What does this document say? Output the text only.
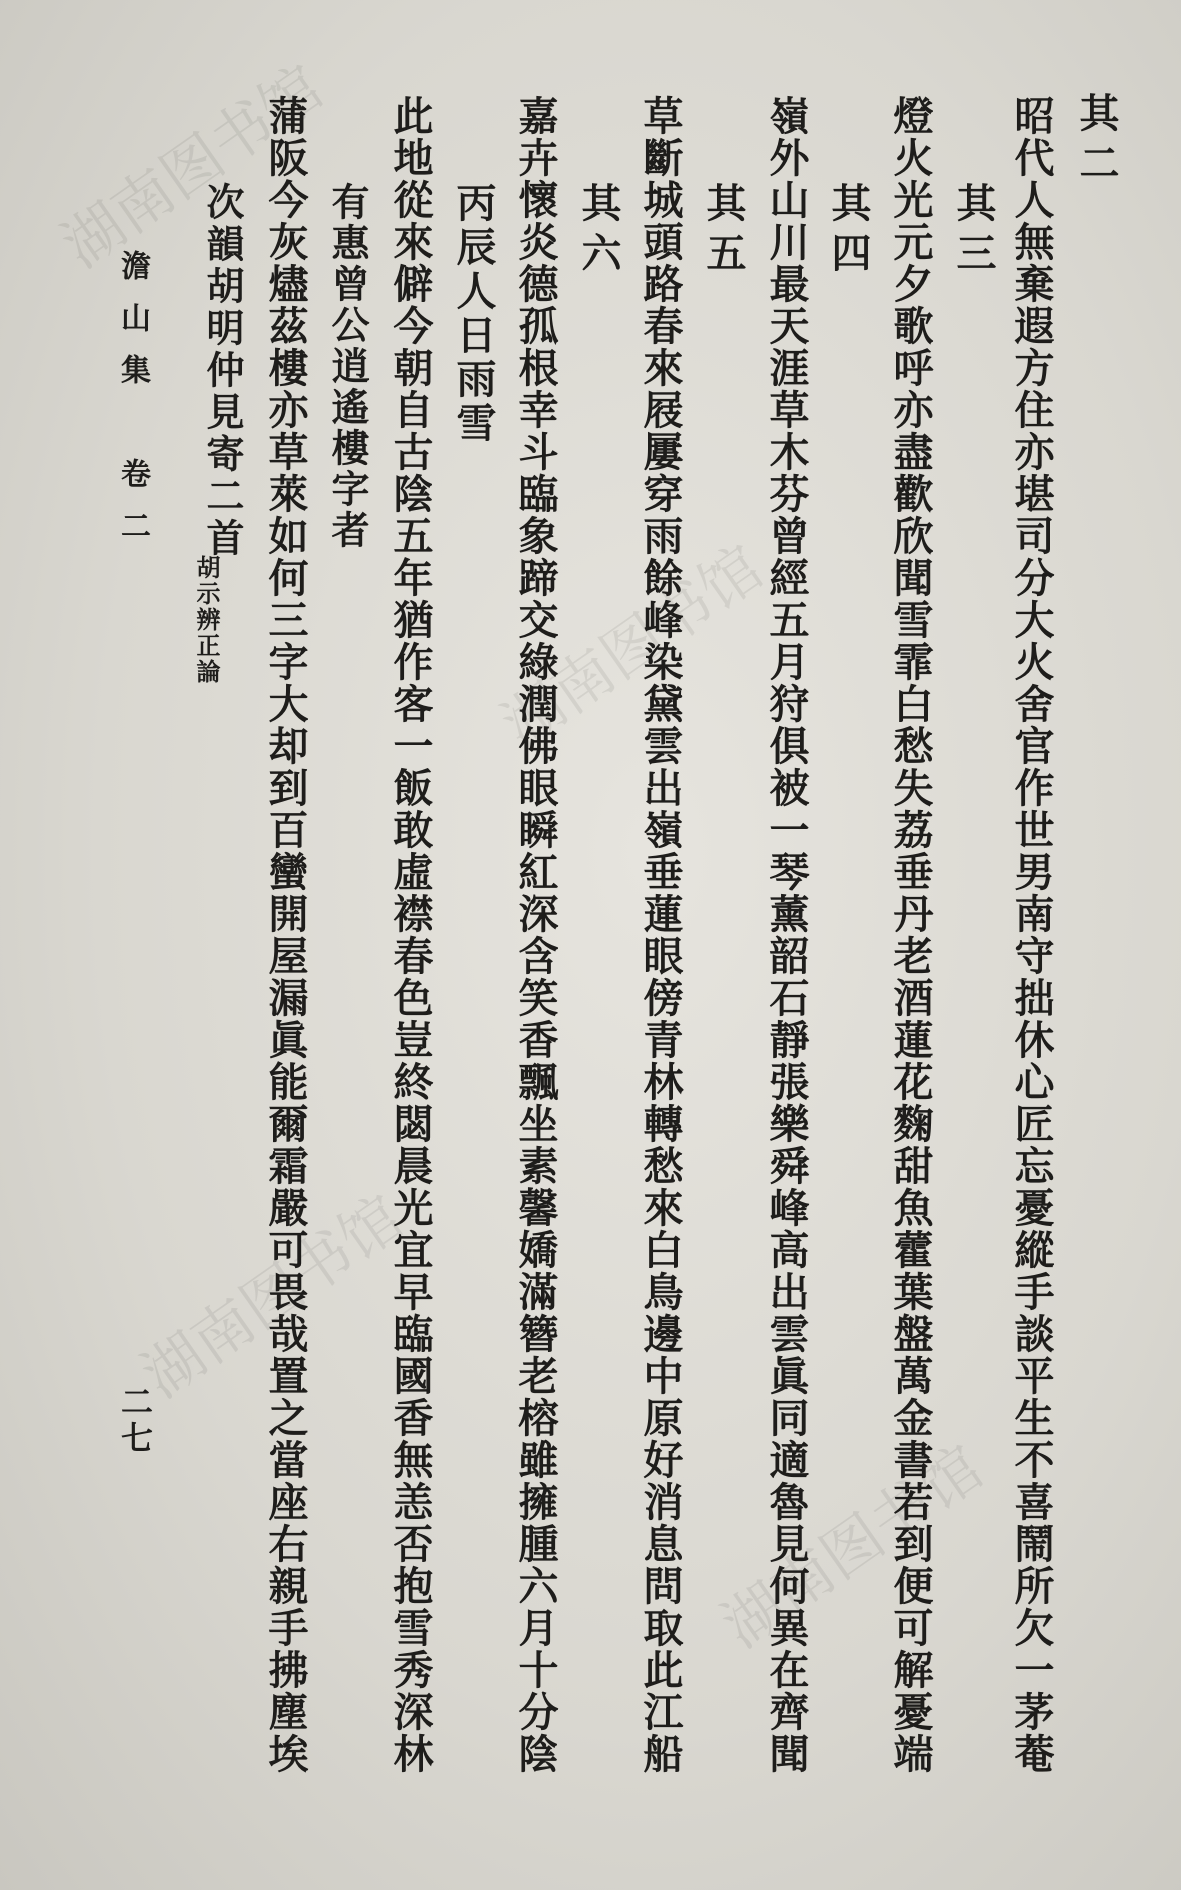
湖南图书馆
湖南图书馆
湖南图书馆
湖南图书馆
其二
昭代人無棄遐方住亦堪司分大火舍官作世男南守拙休心匠忘憂縱手談平生不喜鬧所欠一茅菴
其三
燈火光元夕歌呼亦盡歡欣聞雪霏白愁失荔垂丹老酒蓮花麴甜魚藿葉盤萬金書若到便可解憂端
其四
嶺外山川最天涯草木芬曾經五月狩俱被一琴薰韶石靜張樂舜峰高出雲眞同適魯見何異在齊聞
其五
草斷城頭路春來屐屢穿雨餘峰染黛雲出嶺垂蓮眼傍青林轉愁來白鳥邊中原好消息問取此江船
其六
嘉卉懷炎德孤根幸斗臨象蹄交綠潤佛眼瞬紅深含笑香飄坐素馨嬌滿簪老榕雖擁腫六月十分陰
丙辰人日雨雪
此地從來僻今朝自古陰五年猶作客一飯敢虛襟春色豈終閟晨光宜早臨國香無恙否抱雪秀深林
有惠曾公逍遙樓字者
蒲阪今灰燼茲樓亦草萊如何三字大却到百蠻開屋漏眞能爾霜嚴可畏哉置之當座右親手拂塵埃
次韻胡明仲見寄二首
胡示辨正論
澹山集　卷二
二七
